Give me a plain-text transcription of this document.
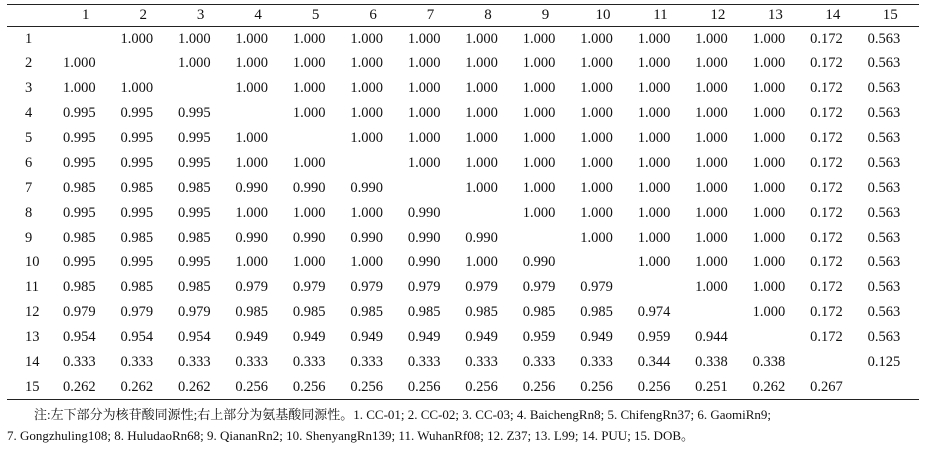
	1	2	3	4	5	6	7	8	9	10	11	12	13	14	15
1		1.000	1.000	1.000	1.000	1.000	1.000	1.000	1.000	1.000	1.000	1.000	1.000	0.172	0.563
2	1.000		1.000	1.000	1.000	1.000	1.000	1.000	1.000	1.000	1.000	1.000	1.000	0.172	0.563
3	1.000	1.000		1.000	1.000	1.000	1.000	1.000	1.000	1.000	1.000	1.000	1.000	0.172	0.563
4	0.995	0.995	0.995		1.000	1.000	1.000	1.000	1.000	1.000	1.000	1.000	1.000	0.172	0.563
5	0.995	0.995	0.995	1.000		1.000	1.000	1.000	1.000	1.000	1.000	1.000	1.000	0.172	0.563
6	0.995	0.995	0.995	1.000	1.000		1.000	1.000	1.000	1.000	1.000	1.000	1.000	0.172	0.563
7	0.985	0.985	0.985	0.990	0.990	0.990		1.000	1.000	1.000	1.000	1.000	1.000	0.172	0.563
8	0.995	0.995	0.995	1.000	1.000	1.000	0.990		1.000	1.000	1.000	1.000	1.000	0.172	0.563
9	0.985	0.985	0.985	0.990	0.990	0.990	0.990	0.990		1.000	1.000	1.000	1.000	0.172	0.563
10	0.995	0.995	0.995	1.000	1.000	1.000	0.990	1.000	0.990		1.000	1.000	1.000	0.172	0.563
11	0.985	0.985	0.985	0.979	0.979	0.979	0.979	0.979	0.979	0.979		1.000	1.000	0.172	0.563
12	0.979	0.979	0.979	0.985	0.985	0.985	0.985	0.985	0.985	0.985	0.974		1.000	0.172	0.563
13	0.954	0.954	0.954	0.949	0.949	0.949	0.949	0.949	0.959	0.949	0.959	0.944		0.172	0.563
14	0.333	0.333	0.333	0.333	0.333	0.333	0.333	0.333	0.333	0.333	0.344	0.338	0.338		0.125
15	0.262	0.262	0.262	0.256	0.256	0.256	0.256	0.256	0.256	0.256	0.256	0.251	0.262	0.267	
注:左下部分为核苷酸同源性;右上部分为氨基酸同源性。1. CC-01; 2. CC-02; 3. CC-03; 4. BaichengRn8; 5. ChifengRn37; 6. GaomiRn9;
7. Gongzhuling108; 8. HuludaoRn68; 9. QiananRn2; 10. ShenyangRn139; 11. WuhanRf08; 12. Z37; 13. L99; 14. PUU; 15. DOB。
